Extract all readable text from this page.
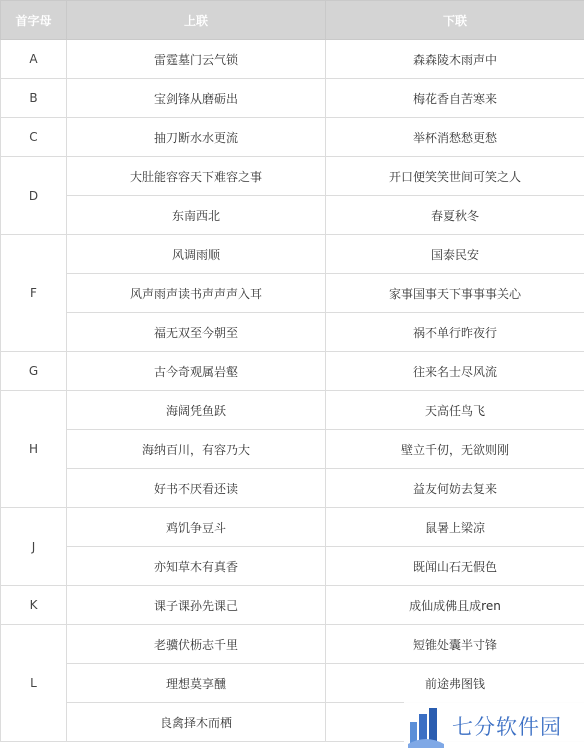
首字母	上联	下联
A	雷霆墓门云气锁	森森陵木雨声中
B	宝剑锋从磨砺出	梅花香自苦寒来
C	抽刀断水水更流	举杯消愁愁更愁
D	大肚能容容天下难容之事	开口便笑笑世间可笑之人
	东南西北	春夏秋冬
F	风调雨顺	国泰民安
	风声雨声读书声声声入耳	家事国事天下事事事关心
	福无双至今朝至	祸不单行昨夜行
G	古今奇观属岩壑	往来名士尽风流
H	海阔凭鱼跃	天高任鸟飞
	海纳百川，有容乃大	壁立千仞，无欲则刚
	好书不厌看还读	益友何妨去复来
J	鸡饥争豆斗	鼠暑上梁凉
	亦知草木有真香	既闻山石无假色
K	课子课孙先课己	成仙成佛且成ren
L	老骥伏枥志千里	短锥处囊半寸锋
	理想莫享醺	前途弗图钱
	良禽择木而栖		七分软件园
